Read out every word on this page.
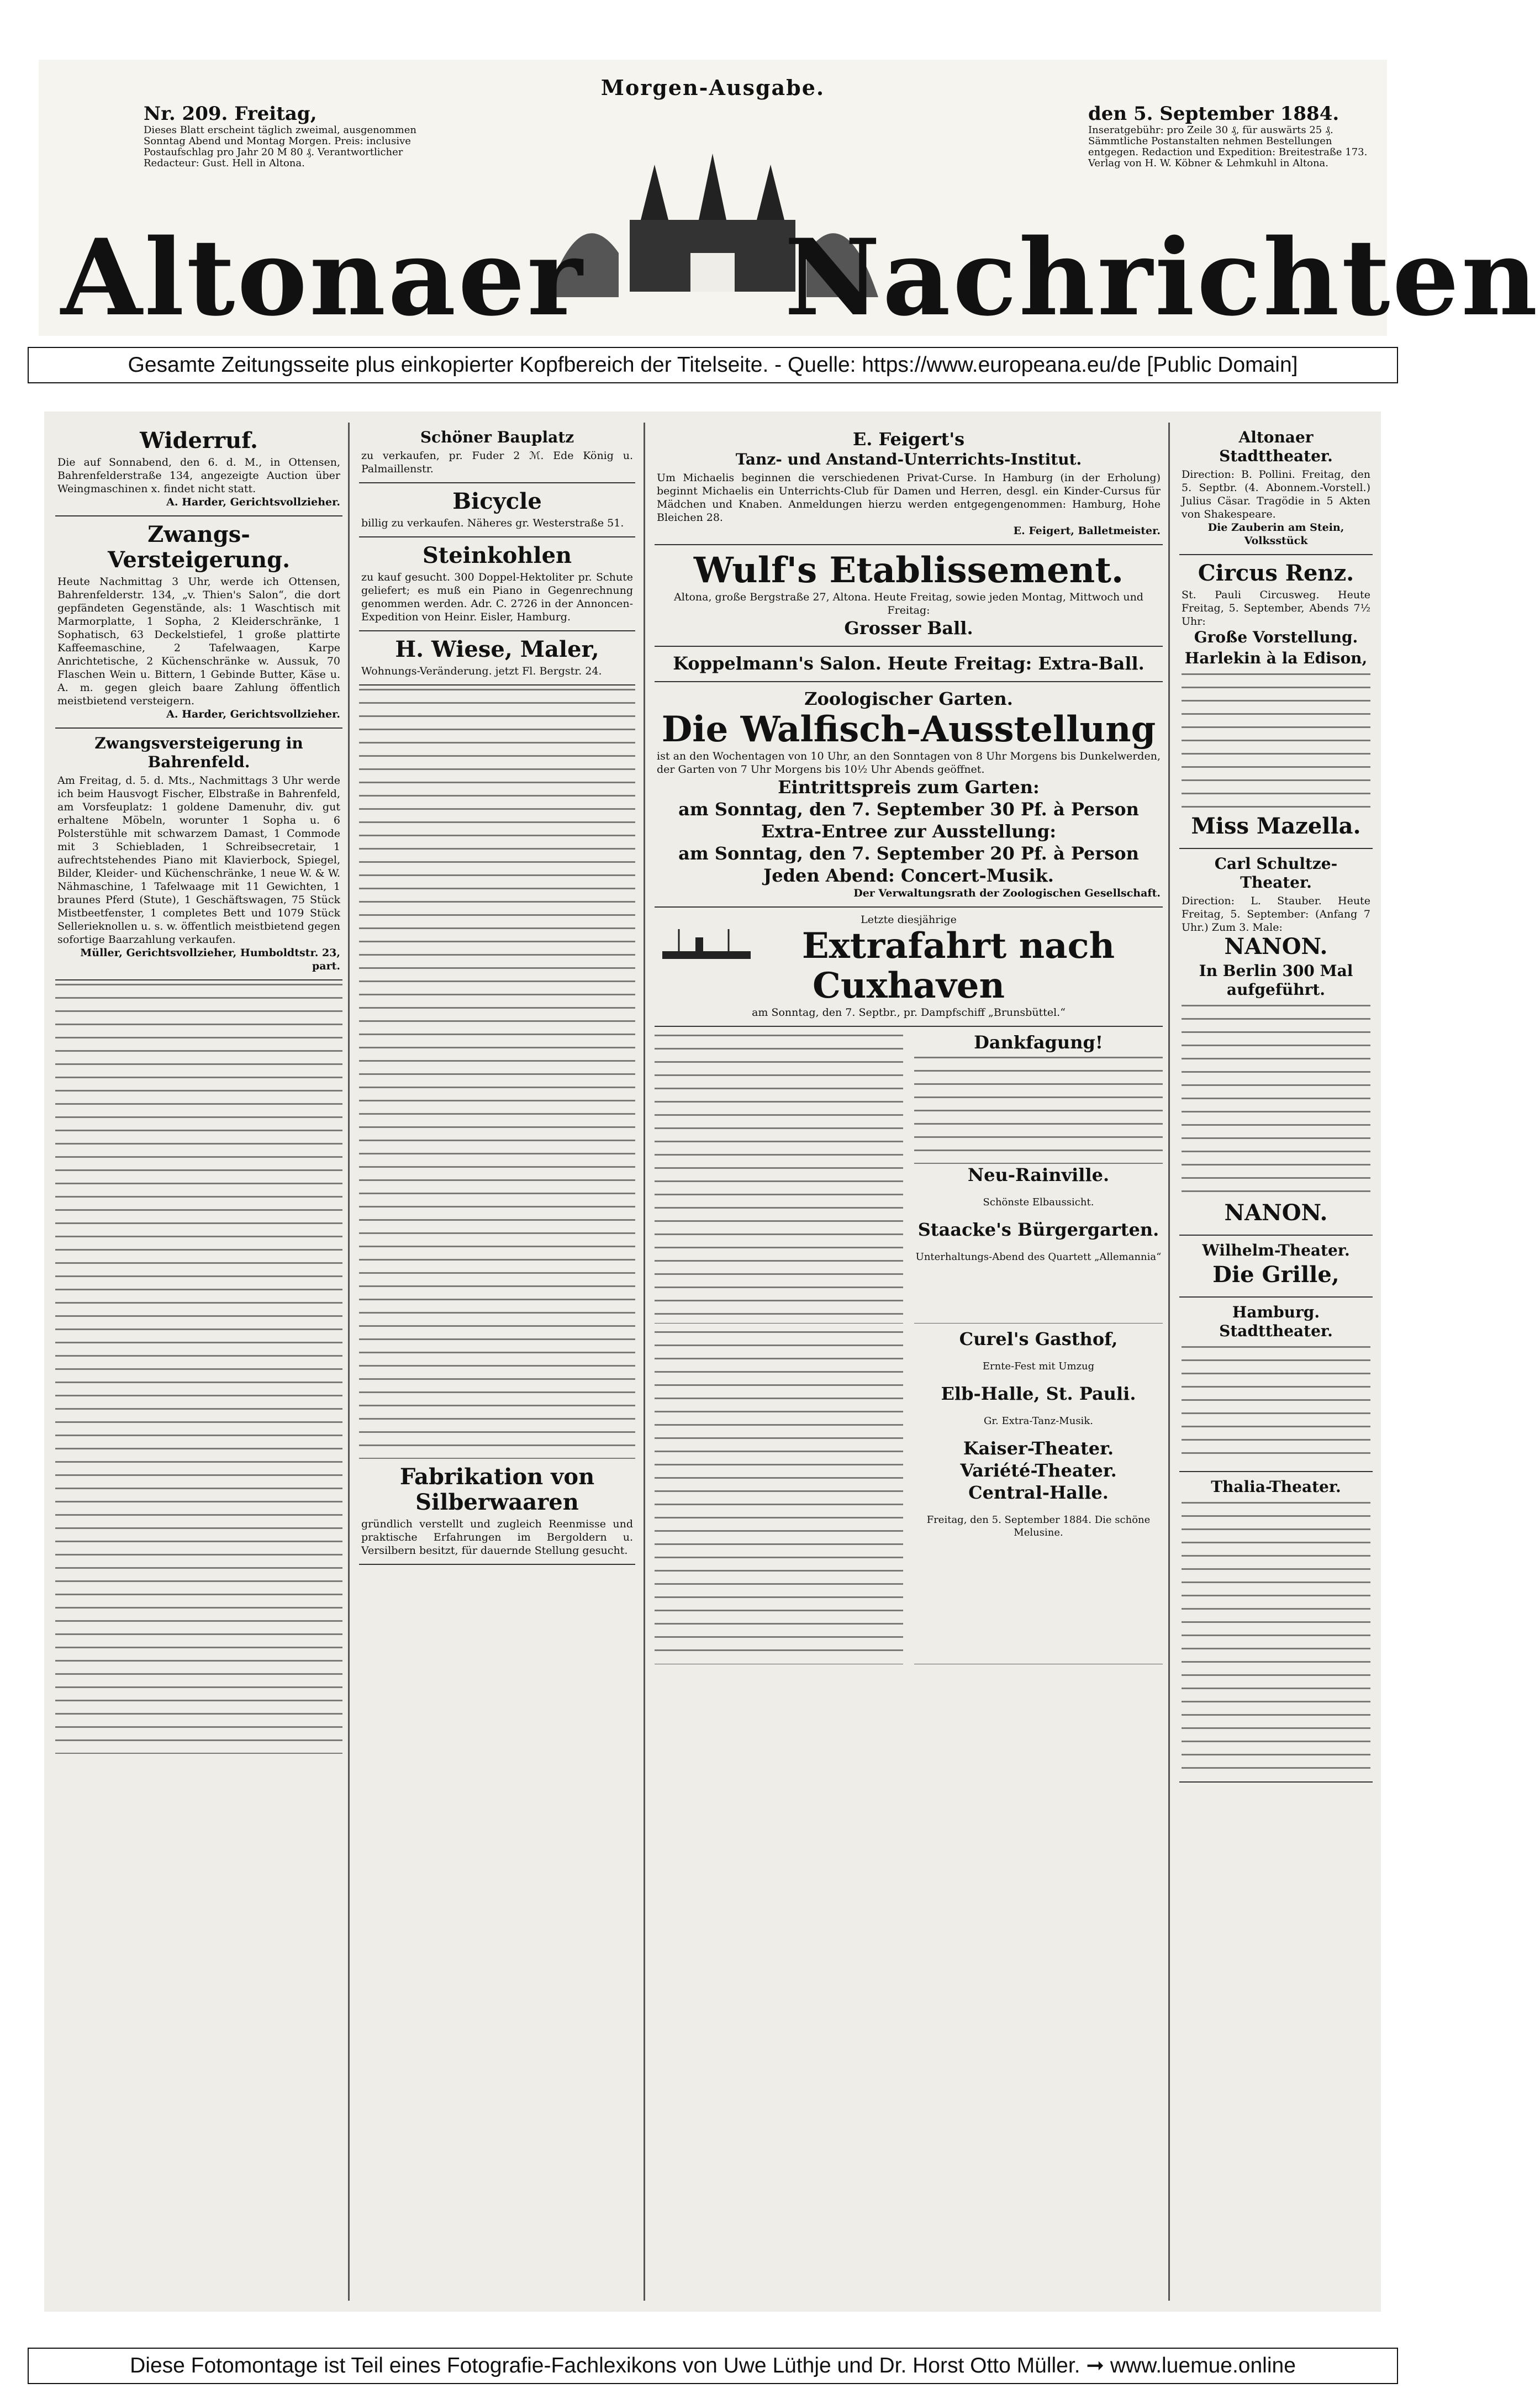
Morgen-Ausgabe.
Nr. 209. Freitag,
Dieses Blatt erscheint täglich zweimal, ausgenommen Sonntag Abend und Montag Morgen. Preis: inclusive Postaufschlag pro Jahr 20 M 80 ₰. Verantwortlicher Redacteur: Gust. Hell in Altona.
den 5. September 1884.
Inseratgebühr: pro Zeile 30 ₰, für auswärts 25 ₰. Sämmtliche Postanstalten nehmen Bestellungen entgegen. Redaction und Expedition: Breitestraße 173. Verlag von H. W. Köbner & Lehmkuhl in Altona.
Altonaer Nachrichten
Gesamte Zeitungsseite plus einkopierter Kopfbereich der Titelseite. - Quelle: https://www.europeana.eu/de [Public Domain]
Widerruf.

Die auf Sonnabend, den 6. d. M., in Ottensen, Bahrenfelderstraße 134, angezeigte Auction über Weingmaschinen x. findet nicht statt.

A. Harder, Gerichtsvollzieher.

Zwangs-Versteigerung.

Heute Nachmittag 3 Uhr, werde ich Ottensen, Bahrenfelderstr. 134, „v. Thien's Salon“, die dort gepfändeten Gegenstände, als: 1 Waschtisch mit Marmorplatte, 1 Sopha, 2 Kleiderschränke, 1 Sophatisch, 63 Deckelstiefel, 1 große plattirte Kaffeemaschine, 2 Tafelwaagen, Karpe Anrichtetische, 2 Küchenschränke w. Aussuk, 70 Flaschen Wein u. Bittern, 1 Gebinde Butter, Käse u. A. m. gegen gleich baare Zahlung öffentlich meistbietend versteigern.

A. Harder, Gerichtsvollzieher.

Zwangsversteigerung in Bahrenfeld.

Am Freitag, d. 5. d. Mts., Nachmittags 3 Uhr werde ich beim Hausvogt Fischer, Elbstraße in Bahrenfeld, am Vorsfeuplatz: 1 goldene Damenuhr, div. gut erhaltene Möbeln, worunter 1 Sopha u. 6 Polsterstühle mit schwarzem Damast, 1 Commode mit 3 Schiebladen, 1 Schreibsecretair, 1 aufrechtstehendes Piano mit Klavierbock, Spiegel, Bilder, Kleider- und Küchenschränke, 1 neue W. & W. Nähmaschine, 1 Tafelwaage mit 11 Gewichten, 1 braunes Pferd (Stute), 1 Geschäftswagen, 75 Stück Mistbeetfenster, 1 completes Bett und 1079 Stück Sellerieknollen u. s. w. öffentlich meistbietend gegen sofortige Baarzahlung verkaufen.

Müller, Gerichtsvollzieher, Humboldtstr. 23, part.

Schöner Bauplatz

zu verkaufen, pr. Fuder 2 ℳ. Ede König u. Palmaillenstr.

Bicycle

billig zu verkaufen. Näheres gr. Westerstraße 51.

Steinkohlen

zu kauf gesucht. 300 Doppel-Hektoliter pr. Schute geliefert; es muß ein Piano in Gegenrechnung genommen werden. Adr. C. 2726 in der Annoncen-Expedition von Heinr. Eisler, Hamburg.

H. Wiese, Maler,

Wohnungs-Veränderung. jetzt Fl. Bergstr. 24.

Fabrikation von Silberwaaren

gründlich verstellt und zugleich Reenmisse und praktische Erfahrungen im Bergoldern u. Versilbern besitzt, für dauernde Stellung gesucht.

E. Feigert's
Tanz- und Anstand-Unterrichts-Institut.

Um Michaelis beginnen die verschiedenen Privat-Curse. In Hamburg (in der Erholung) beginnt Michaelis ein Unterrichts-Club für Damen und Herren, desgl. ein Kinder-Cursus für Mädchen und Knaben. Anmeldungen hierzu werden entgegengenommen: Hamburg, Hohe Bleichen 28.

E. Feigert, Balletmeister.

Wulf's Etablissement.

Altona, große Bergstraße 27, Altona. Heute Freitag, sowie jeden Montag, Mittwoch und Freitag:

Grosser Ball.
Koppelmann's Salon. Heute Freitag: Extra-Ball.
Zoologischer Garten.
Die Walfisch-Ausstellung

ist an den Wochentagen von 10 Uhr, an den Sonntagen von 8 Uhr Morgens bis Dunkelwerden, der Garten von 7 Uhr Morgens bis 10½ Uhr Abends geöffnet.

Eintrittspreis zum Garten:
am Sonntag, den 7. September 30 Pf. à Person
Extra-Entree zur Ausstellung:
am Sonntag, den 7. September 20 Pf. à Person
Jeden Abend: Concert-Musik.

Der Verwaltungsrath der Zoologischen Gesellschaft.

Letzte diesjährige

Extrafahrt nach Cuxhaven

am Sonntag, den 7. Septbr., pr. Dampfschiff „Brunsbüttel.“

Dankfagung!
Neu-Rainville.

Schönste Elbaussicht.

Staacke's Bürgergarten.

Unterhaltungs-Abend des Quartett „Allemannia“

Curel's Gasthof,

Ernte-Fest mit Umzug

Elb-Halle, St. Pauli.

Gr. Extra-Tanz-Musik.

Kaiser-Theater.
Variété-Theater.
Central-Halle.

Freitag, den 5. September 1884. Die schöne Melusine.

Altonaer Stadttheater.

Direction: B. Pollini. Freitag, den 5. Septbr. (4. Abonnem.-Vorstell.) Julius Cäsar. Tragödie in 5 Akten von Shakespeare.

Die Zauberin am Stein, Volksstück

Circus Renz.

St. Pauli Circusweg. Heute Freitag, 5. September, Abends 7½ Uhr:

Große Vorstellung.
Harlekin à la Edison,
Miss Mazella.
Carl Schultze-Theater.

Direction: L. Stauber. Heute Freitag, 5. September: (Anfang 7 Uhr.) Zum 3. Male:

NANON.
In Berlin 300 Mal aufgeführt.
NANON.
Wilhelm-Theater.
Die Grille,
Hamburg. Stadttheater.
Thalia-Theater.
Diese Fotomontage ist Teil eines Fotografie-Fachlexikons von Uwe Lüthje und Dr. Horst Otto Müller. ➞ www.luemue.online
